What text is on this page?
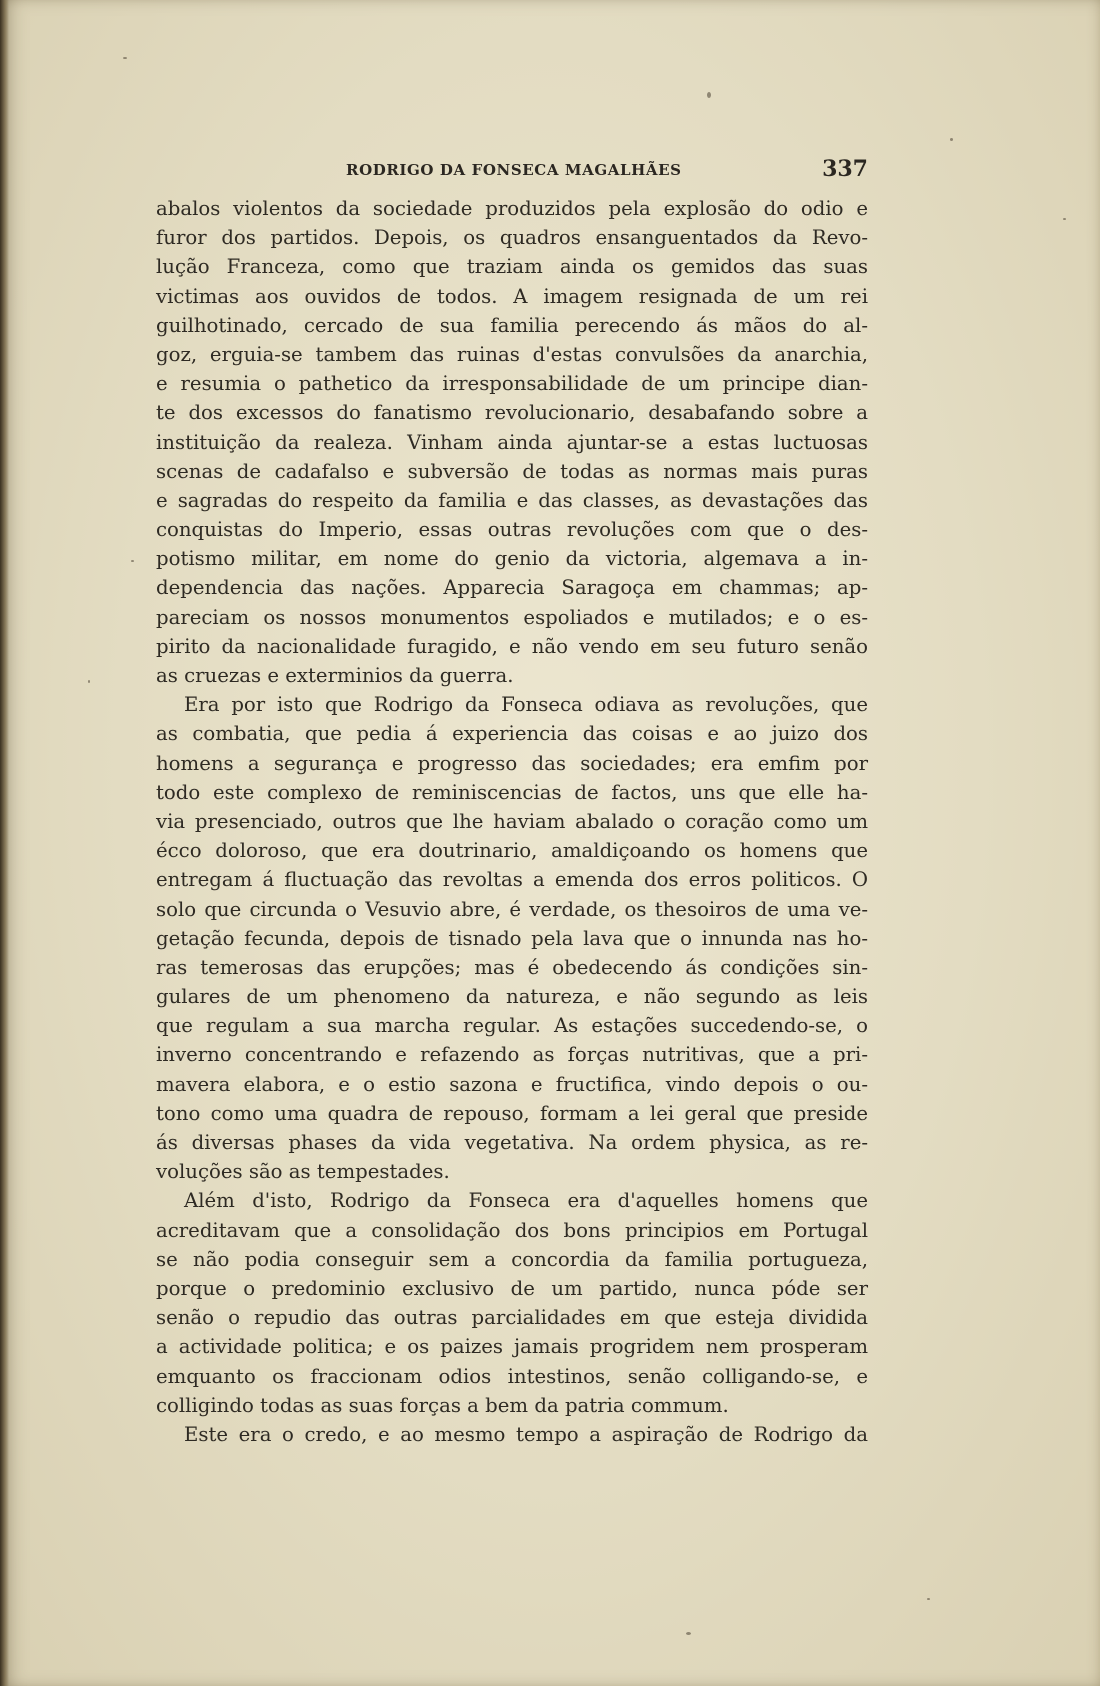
RODRIGO DA FONSECA MAGALHÃES	337
abalos violentos da sociedade produzidos pela explosão do odio e
furor dos partidos. Depois, os quadros ensanguentados da Revo-
lução Franceza, como que traziam ainda os gemidos das suas
victimas aos ouvidos de todos. A imagem resignada de um rei
guilhotinado, cercado de sua familia perecendo ás mãos do al-
goz, erguia-se tambem das ruinas d'estas convulsões da anarchia,
e resumia o pathetico da irresponsabilidade de um principe dian-
te dos excessos do fanatismo revolucionario, desabafando sobre a
instituição da realeza. Vinham ainda ajuntar-se a estas luctuosas
scenas de cadafalso e subversão de todas as normas mais puras
e sagradas do respeito da familia e das classes, as devastações das
conquistas do Imperio, essas outras revoluções com que o des-
potismo militar, em nome do genio da victoria, algemava a in-
dependencia das nações. Apparecia Saragoça em chammas; ap-
pareciam os nossos monumentos espoliados e mutilados; e o es-
pirito da nacionalidade furagido, e não vendo em seu futuro senão
as cruezas e exterminios da guerra.
Era por isto que Rodrigo da Fonseca odiava as revoluções, que
as combatia, que pedia á experiencia das coisas e ao juizo dos
homens a segurança e progresso das sociedades; era emfim por
todo este complexo de reminiscencias de factos, uns que elle ha-
via presenciado, outros que lhe haviam abalado o coração como um
écco doloroso, que era doutrinario, amaldiçoando os homens que
entregam á fluctuação das revoltas a emenda dos erros politicos. O
solo que circunda o Vesuvio abre, é verdade, os thesoiros de uma ve-
getação fecunda, depois de tisnado pela lava que o innunda nas ho-
ras temerosas das erupções; mas é obedecendo ás condições sin-
gulares de um phenomeno da natureza, e não segundo as leis
que regulam a sua marcha regular. As estações succedendo-se, o
inverno concentrando e refazendo as forças nutritivas, que a pri-
mavera elabora, e o estio sazona e fructifica, vindo depois o ou-
tono como uma quadra de repouso, formam a lei geral que preside
ás diversas phases da vida vegetativa. Na ordem physica, as re-
voluções são as tempestades.
Além d'isto, Rodrigo da Fonseca era d'aquelles homens que
acreditavam que a consolidação dos bons principios em Portugal
se não podia conseguir sem a concordia da familia portugueza,
porque o predominio exclusivo de um partido, nunca póde ser
senão o repudio das outras parcialidades em que esteja dividida
a actividade politica; e os paizes jamais progridem nem prosperam
emquanto os fraccionam odios intestinos, senão colligando-se, e
colligindo todas as suas forças a bem da patria commum.
Este era o credo, e ao mesmo tempo a aspiração de Rodrigo da
